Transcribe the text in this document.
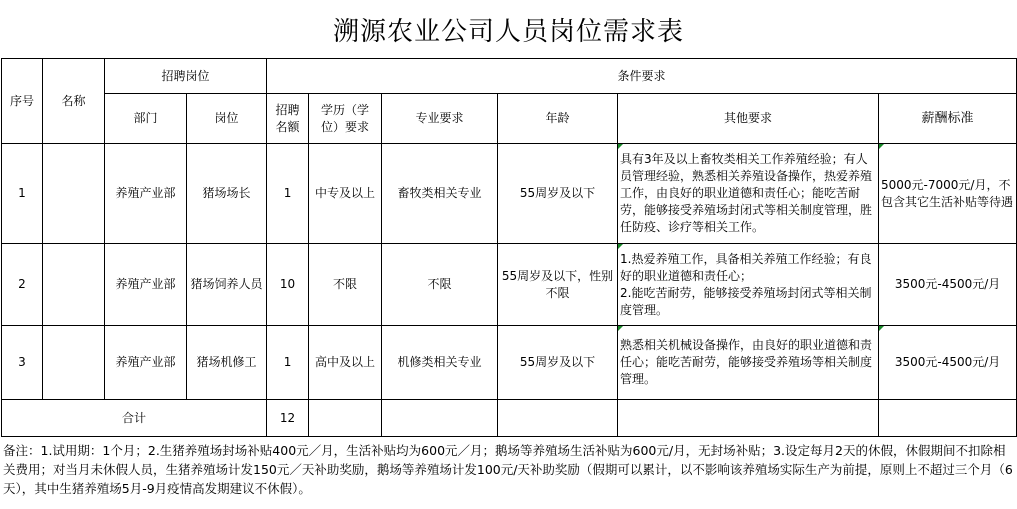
溯源农业公司人员岗位需求表
序号	名称	招聘岗位		条件要求					
		部门	岗位	招聘名额	学历（学位）要求	专业要求	年龄	其他要求	薪酬标准
1		养殖产业部	猪场场长	1	中专及以上	畜牧类相关专业	55周岁及以下	具有3年及以上畜牧类相关工作养殖经验；有人员管理经验，熟悉相关养殖设备操作，热爱养殖工作，由良好的职业道德和责任心；能吃苦耐劳，能够接受养殖场封闭式等相关制度管理，胜任防疫、诊疗等相关工作。	5000元-7000元/月，不包含其它生活补贴等待遇
2		养殖产业部	猪场饲养人员	10	不限	不限	55周岁及以下，性别不限	1.热爱养殖工作，具备相关养殖工作经验；有良好的职业道德和责任心；
2.能吃苦耐劳，能够接受养殖场封闭式等相关制度管理。	3500元-4500元/月
3		养殖产业部	猪场机修工	1	高中及以上	机修类相关专业	55周岁及以下	熟悉相关机械设备操作，由良好的职业道德和责任心；能吃苦耐劳，能够接受养殖场等相关制度管理。	3500元-4500元/月
合计				12					
备注：1.试用期：1个月；2.生猪养殖场封场补贴400元／月，生活补贴均为600元／月；鹅场等养殖场生活补贴为600元/月，无封场补贴；3.设定每月2天的休假，休假期间不扣除相关费用；对当月未休假人员，生猪养殖场计发150元／天补助奖励，鹅场等养殖场计发100元/天补助奖励（假期可以累计，以不影响该养殖场实际生产为前提，原则上不超过三个月（6天），其中生猪养殖场5月-9月疫情高发期建议不休假）。
